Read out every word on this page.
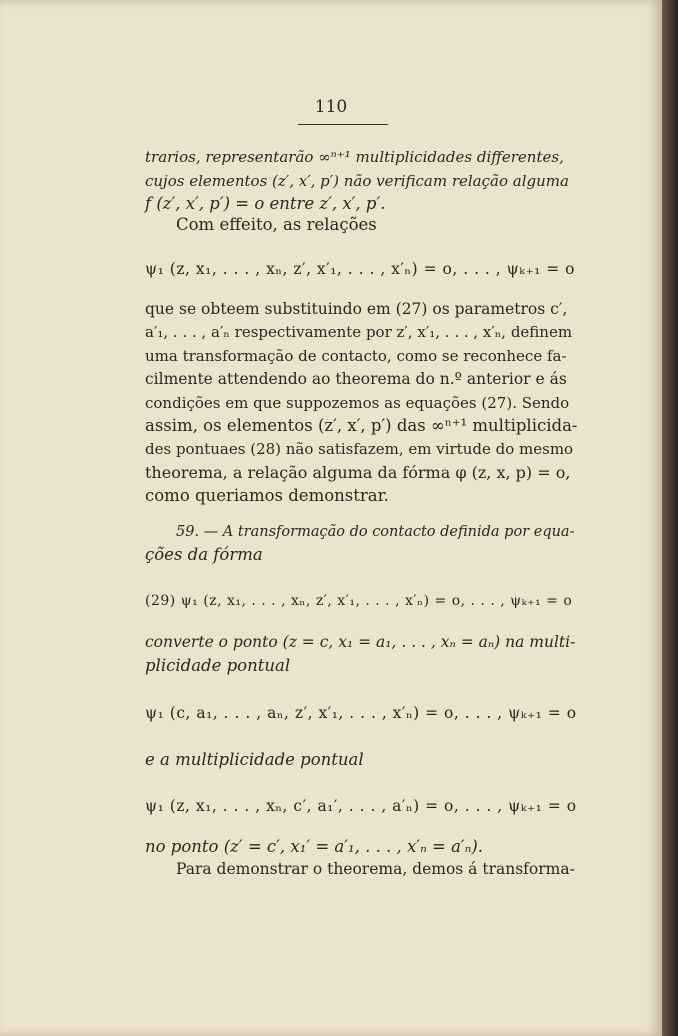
110
trarios, representarão ∞ⁿ⁺¹ multiplicidades differentes,
cujos elementos (z′, x′, p′) não verificam relação alguma
f (z′, x′, p′) = o entre z′, x′, p′.
Com effeito, as relações
ψ₁ (z, x₁, . . . , xₙ, z′, x′₁, . . . , x′ₙ) = o, . . . , ψₖ₊₁ = o
que se obteem substituindo em (27) os parametros c′,
a′₁, . . . , a′ₙ respectivamente por z′, x′₁, . . . , x′ₙ, definem
uma transformação de contacto, como se reconhece fa-
cilmente attendendo ao theorema do n.º anterior e ás
condições em que suppozemos as equações (27). Sendo
assim, os elementos (z′, x′, p′) das ∞ⁿ⁺¹ multiplicida-
des pontuaes (28) não satisfazem, em virtude do mesmo
theorema, a relação alguma da fórma φ (z, x, p) = o,
como queriamos demonstrar.
59. — A transformação do contacto definida por equa-
ções da fórma
(29) ψ₁ (z, x₁, . . . , xₙ, z′, x′₁, . . . , x′ₙ) = o, . . . , ψₖ₊₁ = o
converte o ponto (z = c, x₁ = a₁, . . . , xₙ = aₙ) na multi-
plicidade pontual
ψ₁ (c, a₁, . . . , aₙ, z′, x′₁, . . . , x′ₙ) = o, . . . , ψₖ₊₁ = o
e a multiplicidade pontual
ψ₁ (z, x₁, . . . , xₙ, c′, a₁′, . . . , a′ₙ) = o, . . . , ψₖ₊₁ = o
no ponto (z′ = c′, x₁′ = a′₁, . . . , x′ₙ = a′ₙ).
Para demonstrar o theorema, demos á transforma-
